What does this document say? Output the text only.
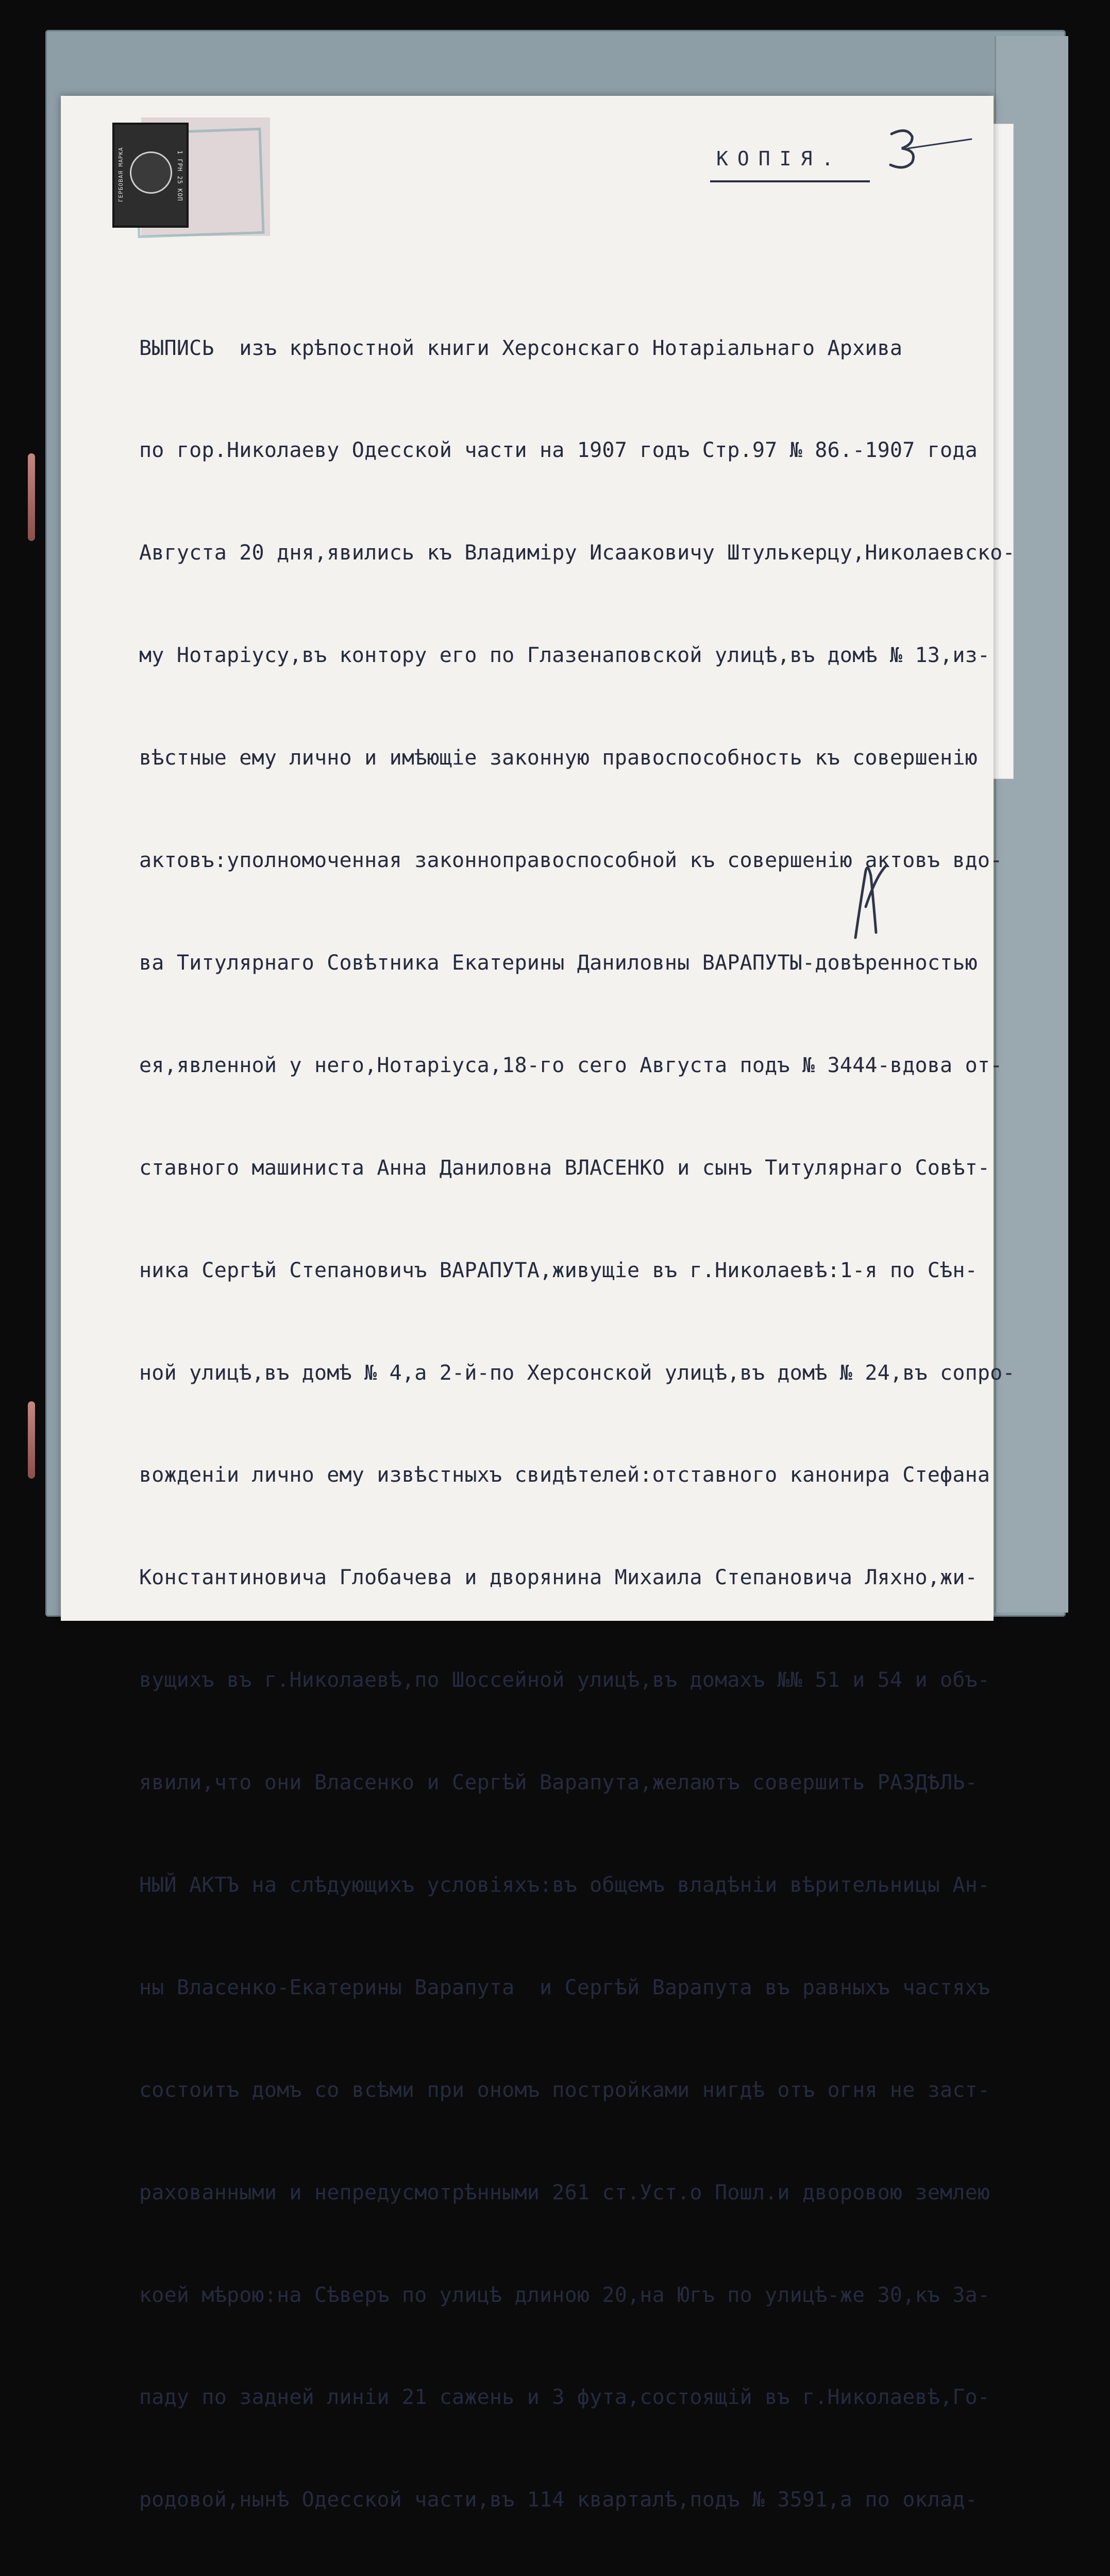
ГЕРБОВАЯ МАРКА	1 ГРН 25 КОП	КОПІЯ.

ВЫПИСЬ  изъ крѣпостной книги Херсонскаго Нотаріальнаго Архива

по гор.Николаеву Одесской части на 1907 годъ Стр.97 № 86.-1907 года

Августа 20 дня,явились къ Владиміру Исааковичу Штулькерцу,Николаевско-

му Нотаріусу,въ контору его по Глазенаповской улицѣ,въ домѣ № 13,из-

вѣстные ему лично и имѣющіе законную правоспособность къ совершенію

актовъ:уполномоченная законноправоспособной къ совершенію актовъ вдо-

ва Титулярнаго Совѣтника Екатерины Даниловны ВАРАПУТЫ-довѣренностью

ея,явленной у него,Нотаріуса,18-го сего Августа подъ № 3444-вдова от-

ставного машиниста Анна Даниловна ВЛАСЕНКО и сынъ Титулярнаго Совѣт-

ника Сергѣй Степановичъ ВАРАПУТА,живущіе въ г.Николаевѣ:1-я по Сѣн-

ной улицѣ,въ домѣ № 4,а 2-й-по Херсонской улицѣ,въ домѣ № 24,въ сопро-

вожденіи лично ему извѣстныхъ свидѣтелей:отставного канонира Стефана

Константиновича Глобачева и дворянина Михаила Степановича Ляхно,жи-

вущихъ въ г.Николаевѣ,по Шоссейной улицѣ,въ домахъ №№ 51 и 54 и объ-

явили,что они Власенко и Сергѣй Варапута,желаютъ совершить РАЗДѢЛЬ-

НЫЙ АКТЪ на слѣдующихъ условіяхъ:въ общемъ владѣніи вѣрительницы Ан-

ны Власенко-Екатерины Варапута  и Сергѣй Варапута въ равныхъ частяхъ

состоитъ домъ со всѣми при ономъ постройками нигдѣ отъ огня не заст-

рахованными и непредусмотрѣнными 261 ст.Уст.о Пошл.и дворовою землею

коей мѣрою:на Сѣверъ по улицѣ длиною 20,на Югъ по улицѣ-же 30,къ За-

паду по задней линіи 21 сажень и 3 фута,состоящій въ г.Николаевѣ,Го-

родовой,нынѣ Одесской части,въ 114 кварталѣ,подъ № 3591,а по оклад-
